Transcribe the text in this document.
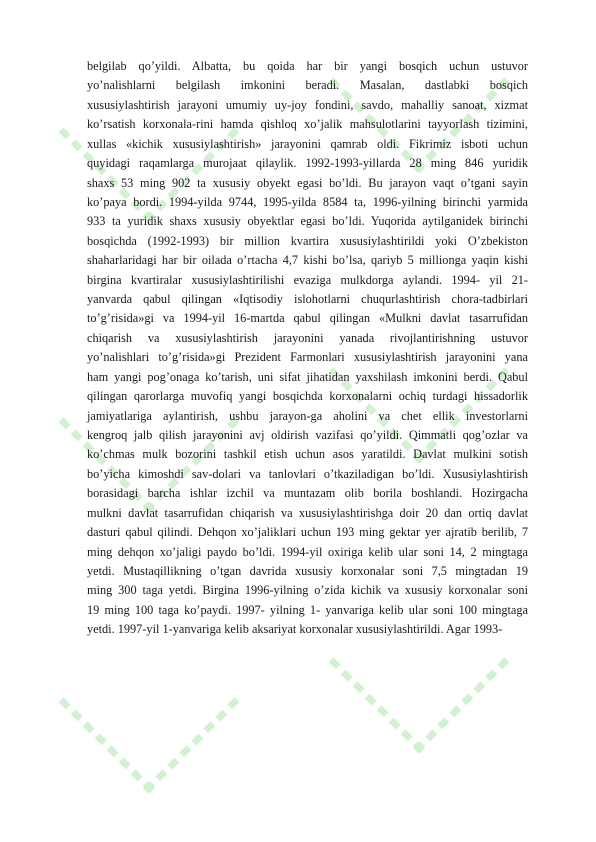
belgilab qo’yildi. Albatta, bu qoida har bir yangi bosqich uchun ustuvor
yo’nalishlarni belgilash imkonini beradi. Masalan, dastlabki bosqich
xususiylashtirish jarayoni umumiy uy-joy fondini, savdo, mahalliy sanoat, xizmat
ko’rsatish korxonala-rini hamda qishloq xo’jalik mahsulotlarini tayyorlash tizimini,
xullas «kichik xususiylashtirish» jarayonini qamrab oldi. Fikrimiz isboti uchun
quyidagi raqamlarga murojaat qilaylik. 1992-1993-yillarda 28 ming 846 yuridik
shaxs 53 ming 902 ta xususiy obyekt egasi bo’ldi. Bu jarayon vaqt o’tgani sayin
ko’paya bordi. 1994-yilda 9744, 1995-yilda 8584 ta, 1996-yilning birinchi yarmida
933 ta yuridik shaxs xususiy obyektlar egasi bo’ldi. Yuqorida aytilganidek birinchi
bosqichda (1992-1993) bir million kvartira xususiylashtirildi yoki O’zbekiston
shaharlaridagi har bir oilada o’rtacha 4,7 kishi bo’lsa, qariyb 5 millionga yaqin kishi
birgina kvartiralar xususiylashtirilishi evaziga mulkdorga aylandi. 1994- yil 21-
yanvarda qabul qilingan «Iqtisodiy islohotlarni chuqurlashtirish chora-tadbirlari
to’g’risida»gi va 1994-yil 16-martda qabul qilingan «Mulkni davlat tasarrufidan
chiqarish va xususiylashtirish jarayonini yanada rivojlantirishning ustuvor
yo’nalishlari to’g’risida»gi Prezident Farmonlari xususiylashtirish jarayonini yana
ham yangi pog’onaga ko’tarish, uni sifat jihatidan yaxshilash imkonini berdi. Qabul
qilingan qarorlarga muvofiq yangi bosqichda korxonalarni ochiq turdagi hissadorlik
jamiyatlariga aylantirish, ushbu jarayon-ga aholini va chet ellik investorlarni
kengroq jalb qilish jarayonini avj oldirish vazifasi qo’yildi. Qimmatli qog’ozlar va
ko’chmas mulk bozorini tashkil etish uchun asos yaratildi. Davlat mulkini sotish
bo’yicha kimoshdi sav-dolari va tanlovlari o’tkaziladigan bo’ldi. Xususiylashtirish
borasidagi barcha ishlar izchil va muntazam olib borila boshlandi. Hozirgacha
mulkni davlat tasarrufidan chiqarish va xususiylashtirishga doir 20 dan ortiq davlat
dasturi qabul qilindi. Dehqon xo’jaliklari uchun 193 ming gektar yer ajratib berilib, 7
ming dehqon xo’jaligi paydo bo’ldi. 1994-yil oxiriga kelib ular soni 14, 2 mingtaga
yetdi. Mustaqillikning o’tgan davrida xususiy korxonalar soni 7,5 mingtadan 19
ming 300 taga yetdi. Birgina 1996-yilning o’zida kichik va xususiy korxonalar soni
19 ming 100 taga ko’paydi. 1997- yilning 1- yanvariga kelib ular soni 100 mingtaga
yetdi. 1997-yil 1-yanvariga kelib aksariyat korxonalar xususiylashtirildi. Agar 1993-
